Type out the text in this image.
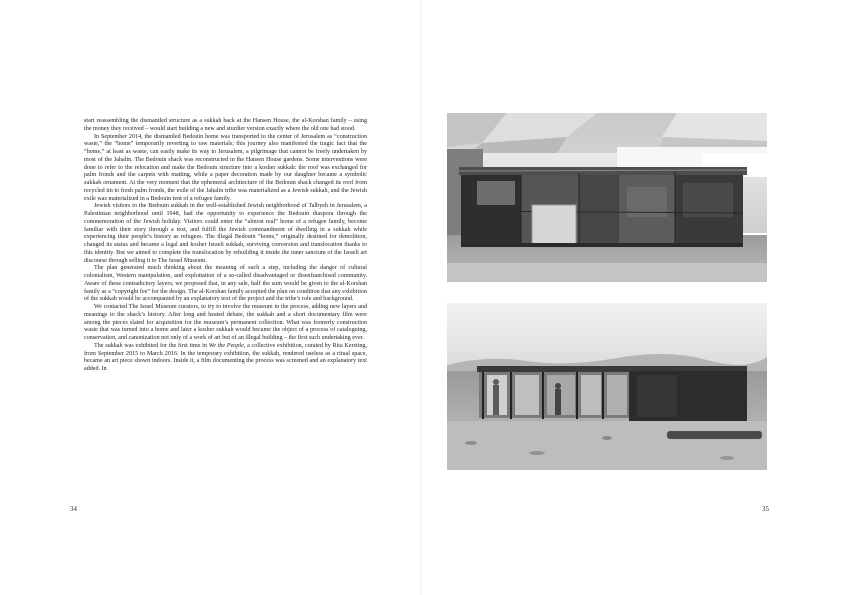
start reassembling the dismantled structure as a sukkah back at the Hansen House, the al-Korshan family – using the money they received – would start building a new and sturdier version exactly where the old one had stood.

In September 2014, the dismantled Bedouin home was transported to the center of Jerusalem as “construction waste,” the “home” temporarily reverting to raw materials; this journey also manifested the tragic fact that the “home,” at least as waste, can easily make its way to Jerusalem, a pilgrimage that cannot be freely undertaken by most of the Jahalin. The Bedouin shack was reconstructed in the Hansen House gardens. Some interventions were done to refer to the relocation and make the Bedouin structure into a kosher sukkah: the roof was exchanged for palm fronds and the carpets with matting, while a paper decoration made by our daughter became a symbolic sukkah ornament. At the very moment that the ephemeral architecture of the Bedouin shack changed its roof from recycled tin to fresh palm fronds, the exile of the Jahalin tribe was materialized as a Jewish sukkah, and the Jewish exile was materialized in a Bedouin tent of a refugee family.

Jewish visitors to the Bedouin sukkah in the well-established Jewish neighborhood of Talbyeh in Jerusalem, a Palestinian neighborhood until 1948, had the opportunity to experience the Bedouin diaspora through the commemoration of the Jewish holiday. Visitors could enter the “almost real” home of a refugee family, become familiar with their story through a text, and fulfill the Jewish commandment of dwelling in a sukkah while experiencing their people’s history as refugees. The illegal Bedouin “home,” originally destined for demolition, changed its status and became a legal and kosher Israeli sukkah, surviving conversion and translocation thanks to this identity. But we aimed to complete the translocation by rebuilding it inside the inner sanctum of the Israeli art discourse through selling it to The Israel Museum.

The plan generated much thinking about the meaning of such a step, including the danger of cultural colonialism, Western manipulation, and exploitation of a so-called disadvantaged or disenfranchised community. Aware of these contradictory layers, we proposed that, in any sale, half the sum would be given to the al-Korshan family as a “copyright fee” for the design. The al-Korshan family accepted the plan on condition that any exhibition of the sukkah would be accompanied by an explanatory text of the project and the tribe’s role and background.

We contacted The Israel Museum curators, to try to involve the museum in the process, adding new layers and meanings to the shack’s history. After long and heated debate, the sukkah and a short documentary film were among the pieces slated for acquisition for the museum’s permanent collection. What was formerly construction waste that was turned into a home and later a kosher sukkah would became the object of a process of cataloguing, conservation, and canonization not only of a work of art but of an illegal building – the first such undertaking ever.

The sukkah was exhibited for the first time in We the People, a collective exhibition, curated by Rita Kersting, from September 2015 to March 2016. In the temporary exhibition, the sukkah, rendered useless as a ritual space, became an art piece shown indoors. Inside it, a film documenting the process was screened and an explanatory text added. In

34	35
